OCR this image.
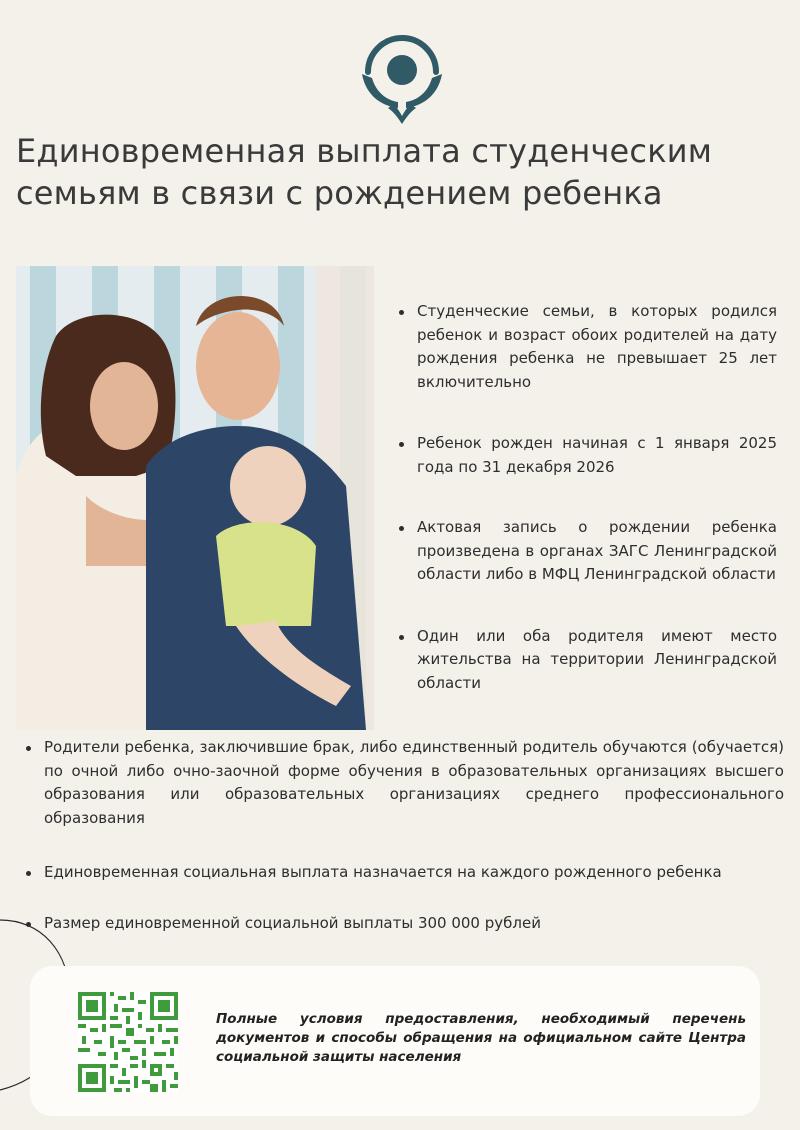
Единовременная выплата студенческим
семьям в связи с рождением ребенка
Студенческие семьи, в которых родился ребенок и возраст обоих родителей на дату рождения ребенка не превышает 25 лет включительно
Ребенок рожден начиная с 1 января 2025 года по 31 декабря 2026
Актовая запись о рождении ребенка произведена в органах ЗАГС Ленинградской области либо в МФЦ Ленинградской области
Один или оба родителя имеют место жительства на территории Ленинградской области
Родители ребенка, заключившие брак, либо единственный родитель обучаются (обучается) по очной либо очно-заочной форме обучения в образовательных организациях высшего образования или образовательных организациях среднего профессионального образования
Единовременная социальная выплата назначается на каждого рожденного ребенка
Размер единовременной социальной выплаты 300 000 рублей
Полные условия предоставления, необходимый перечень документов и способы обращения на официальном сайте Центра социальной защиты населения
